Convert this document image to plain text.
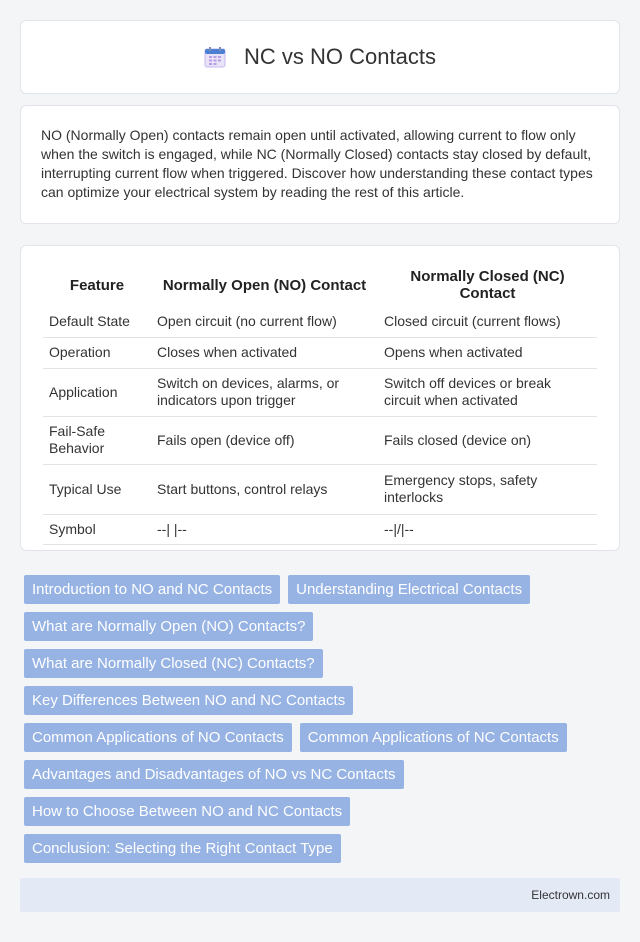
NC vs NO Contacts

NO (Normally Open) contacts remain open until activated, allowing current to flow only when the switch is engaged, while NC (Normally Closed) contacts stay closed by default, interrupting current flow when triggered. Discover how understanding these contact types can optimize your electrical system by reading the rest of this article.

Feature	Normally Open (NO) Contact	Normally Closed (NC) Contact
Default State	Open circuit (no current flow)	Closed circuit (current flows)
Operation	Closes when activated	Opens when activated
Application	Switch on devices, alarms, or indicators upon trigger	Switch off devices or break circuit when activated
Fail-Safe Behavior	Fails open (device off)	Fails closed (device on)
Typical Use	Start buttons, control relays	Emergency stops, safety interlocks
Symbol	--| |--	--|/|--
Introduction to NO and NC Contacts	Understanding Electrical Contacts
What are Normally Open (NO) Contacts?
What are Normally Closed (NC) Contacts?
Key Differences Between NO and NC Contacts
Common Applications of NO Contacts	Common Applications of NC Contacts
Advantages and Disadvantages of NO vs NC Contacts
How to Choose Between NO and NC Contacts
Conclusion: Selecting the Right Contact Type
Electrown.com
